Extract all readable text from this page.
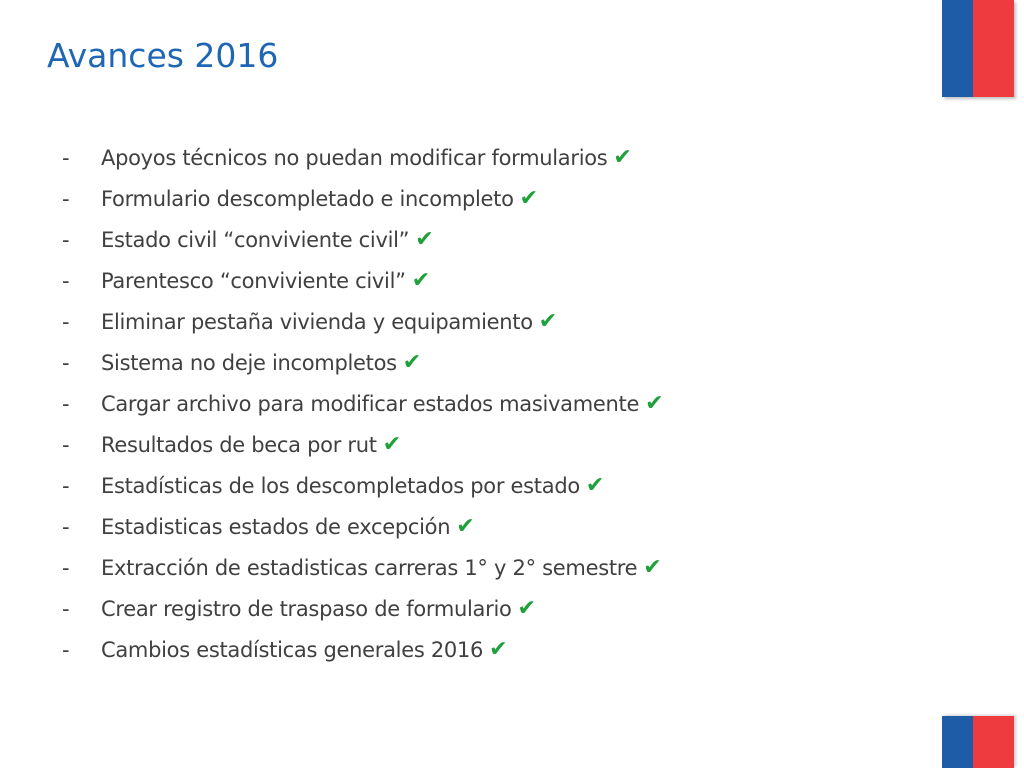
Avances 2016
-	Apoyos técnicos no puedan modificar formularios ✔
-	Formulario descompletado e incompleto ✔
-	Estado civil “conviviente civil” ✔
-	Parentesco “conviviente civil” ✔
-	Eliminar pestaña vivienda y equipamiento ✔
-	Sistema no deje incompletos ✔
-	Cargar archivo para modificar estados masivamente ✔
-	Resultados de beca por rut ✔
-	Estadísticas de los descompletados por estado ✔
-	Estadisticas estados de excepción ✔
-	Extracción de estadisticas carreras 1° y 2° semestre ✔
-	Crear registro de traspaso de formulario ✔
-	Cambios estadísticas generales 2016 ✔
